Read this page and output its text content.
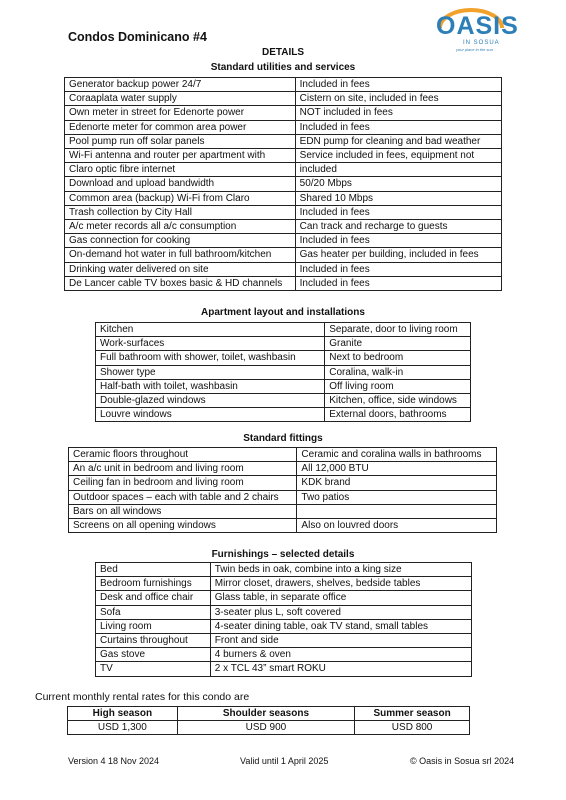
Condos Dominicano #4	OASIS
IN SOSUA
your place in the sun
DETAILS
Standard utilities and services
Generator backup power 24/7	Included in fees
Coraaplata water supply	Cistern on site, included in fees
Own meter in street for Edenorte power	NOT included in fees
Edenorte meter for common area power	Included in fees
Pool pump run off solar panels	EDN pump for cleaning and bad weather
Wi-Fi antenna and router per apartment with	Service included in fees, equipment not
Claro optic fibre internet	included
Download and upload bandwidth	50/20 Mbps
Common area (backup) Wi-Fi from Claro	Shared 10 Mbps
Trash collection by City Hall	Included in fees
A/c meter records all a/c consumption	Can track and recharge to guests
Gas connection for cooking	Included in fees
On-demand hot water in full bathroom/kitchen	Gas heater per building, included in fees
Drinking water delivered on site	Included in fees
De Lancer cable TV boxes basic & HD channels	Included in fees
Apartment layout and installations
Kitchen	Separate, door to living room
Work-surfaces	Granite
Full bathroom with shower, toilet, washbasin	Next to bedroom
Shower type	Coralina, walk-in
Half-bath with toilet, washbasin	Off living room
Double-glazed windows	Kitchen, office, side windows
Louvre windows	External doors, bathrooms
Standard fittings
Ceramic floors throughout	Ceramic and coralina walls in bathrooms
An a/c unit in bedroom and living room	All 12,000 BTU
Ceiling fan in bedroom and living room	KDK brand
Outdoor spaces – each with table and 2 chairs	Two patios
Bars on all windows	
Screens on all opening windows	Also on louvred doors
Furnishings – selected details
Bed	Twin beds in oak, combine into a king size
Bedroom furnishings	Mirror closet, drawers, shelves, bedside tables
Desk and office chair	Glass table, in separate office
Sofa	3-seater plus L, soft covered
Living room	4-seater dining table, oak TV stand, small tables
Curtains throughout	Front and side
Gas stove	4 burners & oven
TV	2 x TCL 43” smart ROKU
Current monthly rental rates for this condo are
High season	Shoulder seasons	Summer season
USD 1,300	USD 900	USD 800
Version 4 18 Nov 2024	Valid until 1 April 2025	© Oasis in Sosua srl 2024
